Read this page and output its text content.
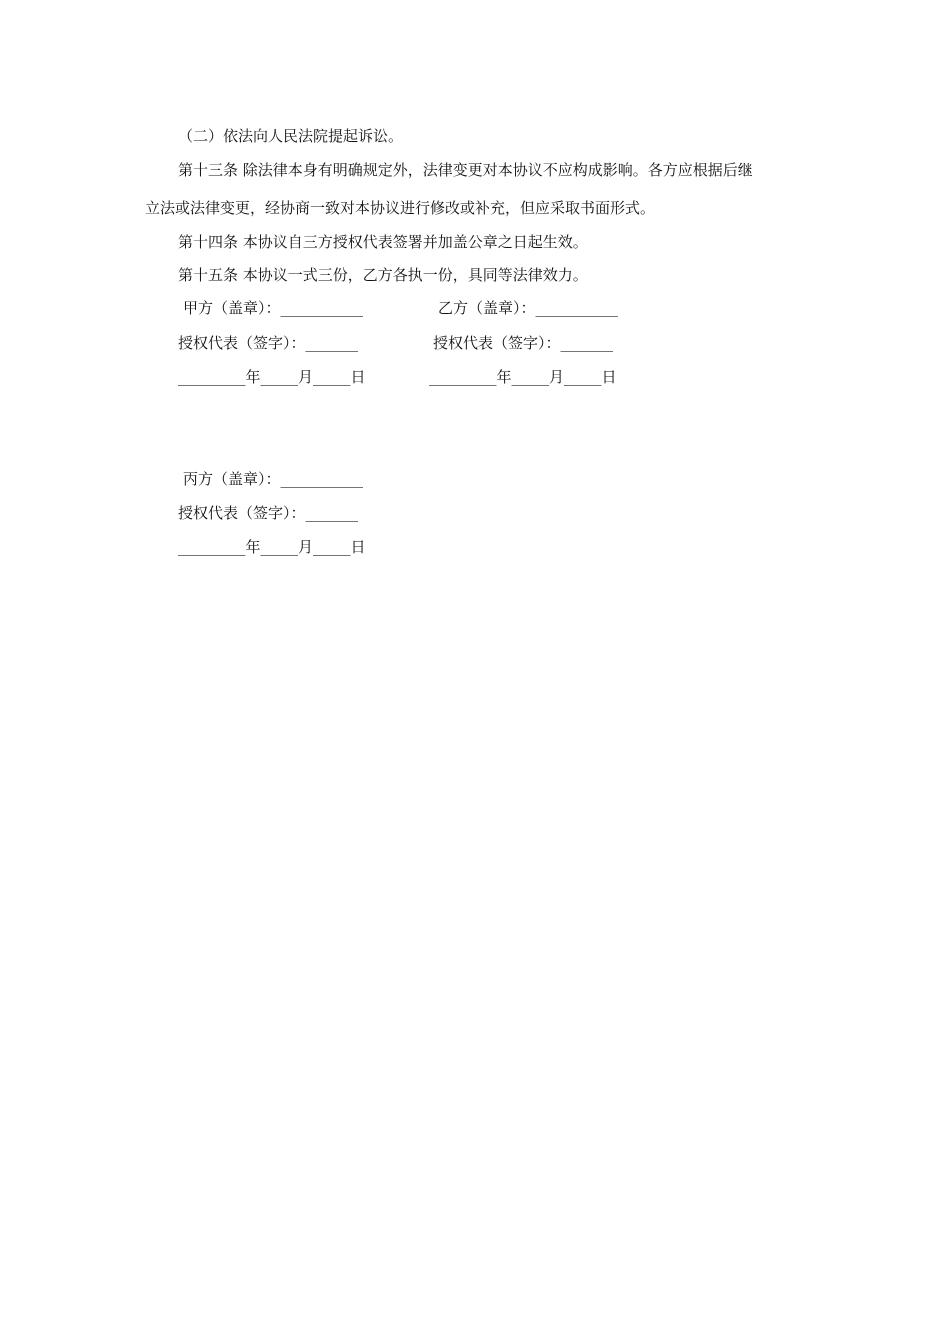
（二）依法向人民法院提起诉讼。
第十三条 除法律本身有明确规定外，法律变更对本协议不应构成影响。各方应根据后继
立法或法律变更，经协商一致对本协议进行修改或补充，但应采取书面形式。
第十四条 本协议自三方授权代表签署并加盖公章之日起生效。
第十五条 本协议一式三份，乙方各执一份，具同等法律效力。
甲方（盖章）：___________	乙方（盖章）：___________
授权代表（签字）：_______	授权代表（签字）：_______
_________年_____月_____日	_________年_____月_____日
丙方（盖章）：___________
授权代表（签字）：_______
_________年_____月_____日
